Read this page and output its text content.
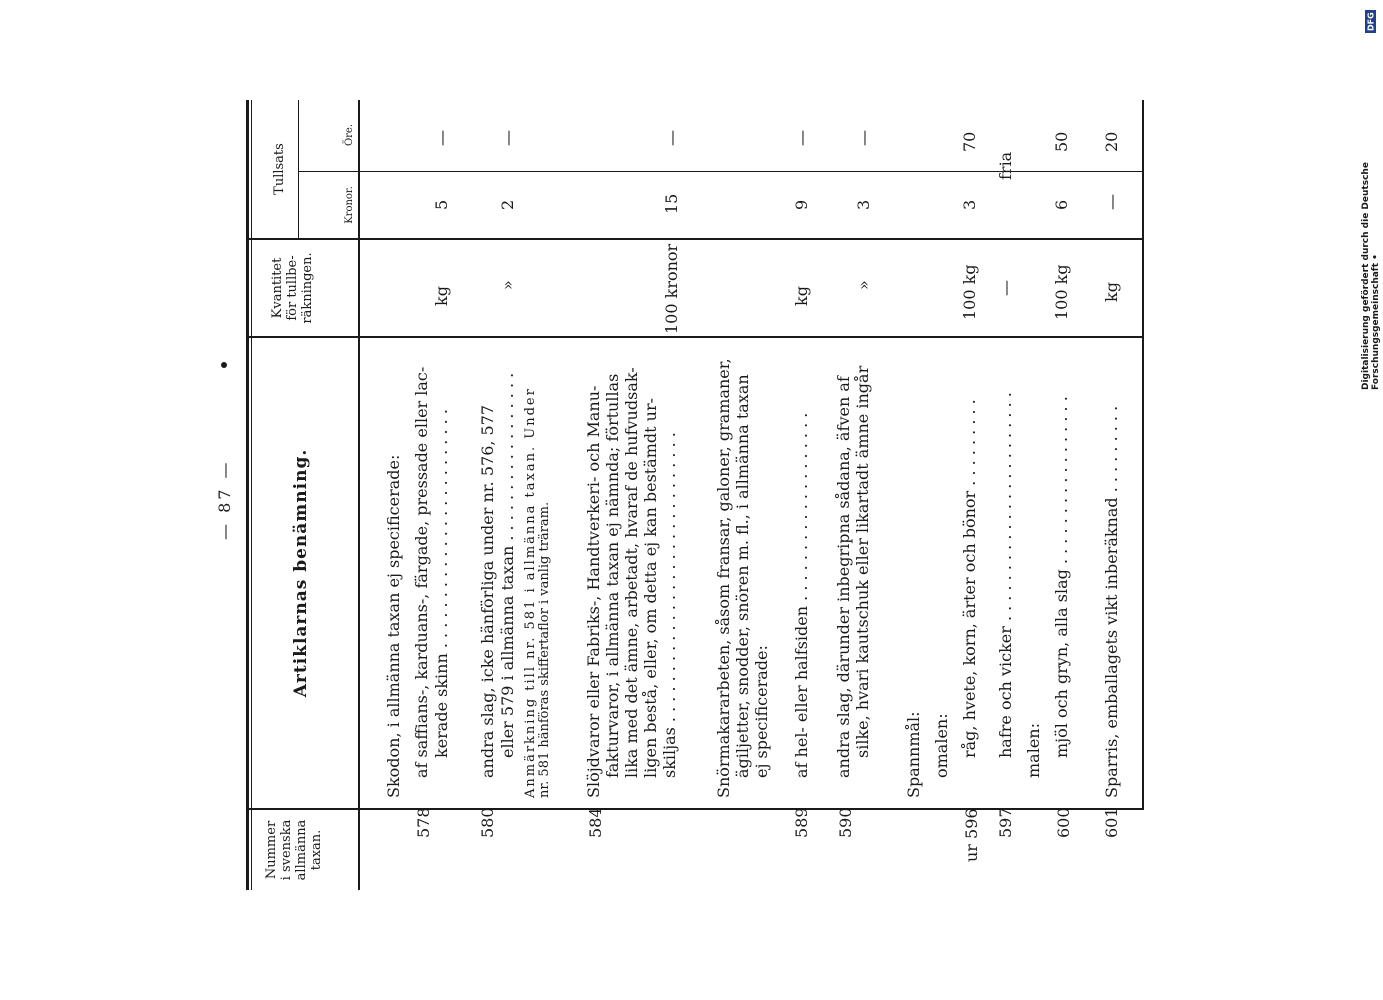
Nummer i svenska allmänna taxan.
Artiklarnas benämning.
Kvantitet för tullbe- räkningen.
Tullsats
Kronor.
Öre.
Skodon, i allmänna taxan ej specificerade:
578
af saffians-, karduans-, färgade, pressade eller lac- kerade skinn . . . . . . . . . . . . . . . . . . . . . . . .
kg
5
—
580
andra slag, icke hänförliga under nr. 576, 577 eller 579 i allmänna taxan . . . . . . . . . . . . . . . . .
»
2
—
Anmärkning till nr. 581 i allmänna taxan. Under nr. 581 hänföras skiffertaflor i vanlig träram.
584
Slöjdvaror eller Fabriks-, Handtverkeri- och Manu- fakturvaror, i allmänna taxan ej nämnda; förtullas lika med det ämne, arbetadt, hvaraf de hufvudsak- ligen bestå, eller, om detta ej kan bestämdt ur- skiljas . . . . . . . . . . . . . . . . . . . . . . . . . . . . .
100 kronor
15
—
Snörmakararbeten, såsom fransar, galoner, gramaner, ägiljetter, snodder, snören m. fl., i allmänna taxan ej specificerade:
589
af hel- eller halfsiden . . . . . . . . . . . . . . . . . . .
kg
9
—
590
andra slag, därunder inbegripna sådana, äfven af silke, hvari kautschuk eller likartadt ämne ingår
»
3
—
Spannmål: omalen:
ur 596
råg, hvete, korn, ärter och bönor . . . . . . . . .
100 kg
3
70
597
hafre och vicker . . . . . . . . . . . . . . . . . . . . . . .
—
fria
malen:
600
mjöl och gryn, alla slag . . . . . . . . . . . . . . . . .
100 kg
6
50
601
Sparris, emballagets vikt inberäknad . . . . . . . . .
kg
—
20
— 87 —
Digitalisierung gefördert durch die Deutsche Forschungsgemeinschaft •
DFG
